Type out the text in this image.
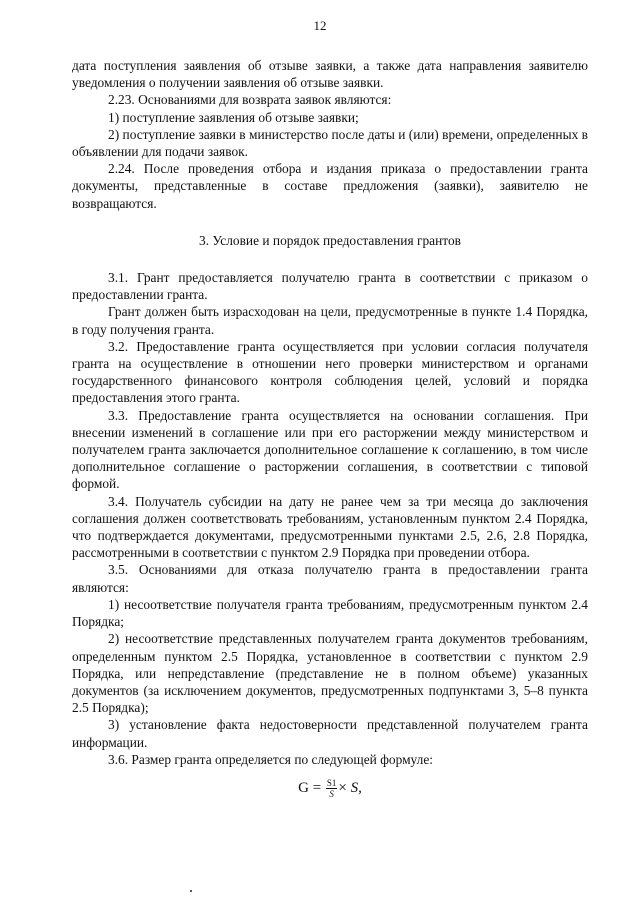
12

дата поступления заявления об отзыве заявки, а также дата направления заявителю уведомления о получении заявления об отзыве заявки.

2.23. Основаниями для возврата заявок являются:

1) поступление заявления об отзыве заявки;

2) поступление заявки в министерство после даты и (или) времени, определенных в объявлении для подачи заявок.

2.24. После проведения отбора и издания приказа о предоставлении гранта документы, представленные в составе предложения (заявки), заявителю не возвращаются.

3. Условие и порядок предоставления грантов

3.1. Грант предоставляется получателю гранта в соответствии с приказом о предоставлении гранта.

Грант должен быть израсходован на цели, предусмотренные в пункте 1.4 Порядка, в году получения гранта.

3.2. Предоставление гранта осуществляется при условии согласия получателя гранта на осуществление в отношении него проверки министерством и органами государственного финансового контроля соблюдения целей, условий и порядка предоставления этого гранта.

3.3. Предоставление гранта осуществляется на основании соглашения. При внесении изменений в соглашение или при его расторжении между министерством и получателем гранта заключается дополнительное соглашение к соглашению, в том числе дополнительное соглашение о расторжении соглашения, в соответствии с типовой формой.

3.4. Получатель субсидии на дату не ранее чем за три месяца до заключения соглашения должен соответствовать требованиям, установленным пунктом 2.4 Порядка, что подтверждается документами, предусмотренными пунктами 2.5, 2.6, 2.8 Порядка, рассмотренными в соответствии с пунктом 2.9 Порядка при проведении отбора.

3.5. Основаниями для отказа получателю гранта в предоставлении гранта являются:

1) несоответствие получателя гранта требованиям, предусмотренным пунктом 2.4 Порядка;

2) несоответствие представленных получателем гранта документов требованиям, определенным пунктом 2.5 Порядка, установленное в соответствии с пунктом 2.9 Порядка, или непредставление (представление не в полном объеме) указанных документов (за исключением документов, предусмотренных подпунктами 3, 5–8 пункта 2.5 Порядка);

3) установление факта недостоверности представленной получателем гранта информации.

3.6. Размер гранта определяется по следующей формуле:

$G = \frac{S1}{S} \times S$,
